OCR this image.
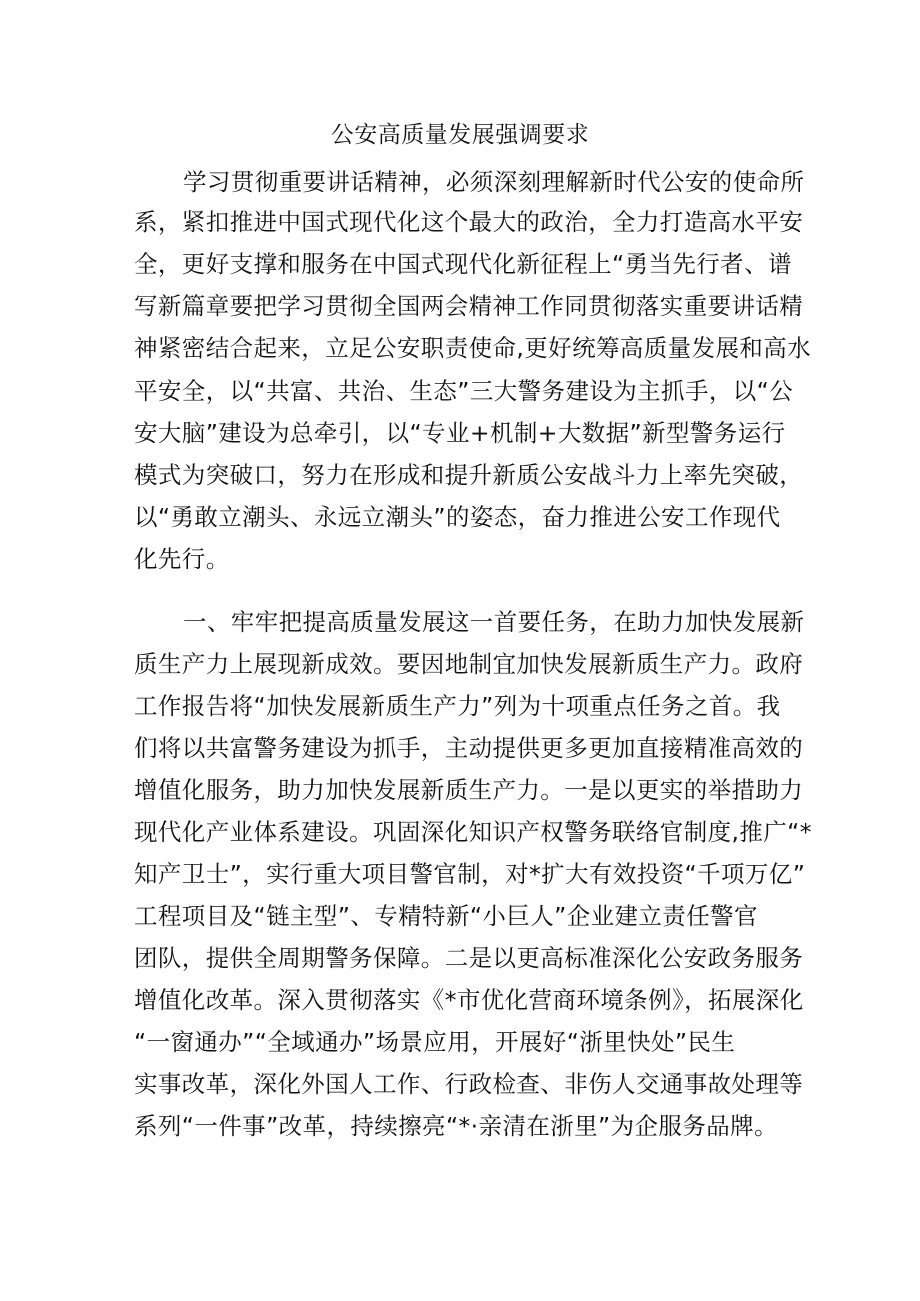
公安高质量发展强调要求
学习贯彻重要讲话精神，必须深刻理解新时代公安的使命所
系，紧扣推进中国式现代化这个最大的政治，全力打造高水平安
全，更好支撑和服务在中国式现代化新征程上“勇当先行者、谱
写新篇章要把学习贯彻全国两会精神工作同贯彻落实重要讲话精
神紧密结合起来，立足公安职责使命,更好统筹高质量发展和高水
平安全，以“共富、共治、生态”三大警务建设为主抓手，以“公
安大脑”建设为总牵引，以“专业+机制+大数据”新型警务运行
模式为突破口，努力在形成和提升新质公安战斗力上率先突破，
以“勇敢立潮头、永远立潮头”的姿态，奋力推进公安工作现代
化先行。
一、牢牢把提高质量发展这一首要任务，在助力加快发展新
质生产力上展现新成效。要因地制宜加快发展新质生产力。政府
工作报告将“加快发展新质生产力”列为十项重点任务之首。我
们将以共富警务建设为抓手，主动提供更多更加直接精准高效的
增值化服务，助力加快发展新质生产力。一是以更实的举措助力
现代化产业体系建设。巩固深化知识产权警务联络官制度,推广“*
知产卫士”，实行重大项目警官制，对*扩大有效投资“千项万亿”
工程项目及“链主型”、专精特新“小巨人”企业建立责任警官
团队，提供全周期警务保障。二是以更高标准深化公安政务服务
增值化改革。深入贯彻落实《*市优化营商环境条例》，拓展深化
“一窗通办”“全域通办”场景应用，开展好“浙里快处”民生
实事改革，深化外国人工作、行政检查、非伤人交通事故处理等
系列“一件事”改革，持续擦亮“*·亲清在浙里”为企服务品牌。
